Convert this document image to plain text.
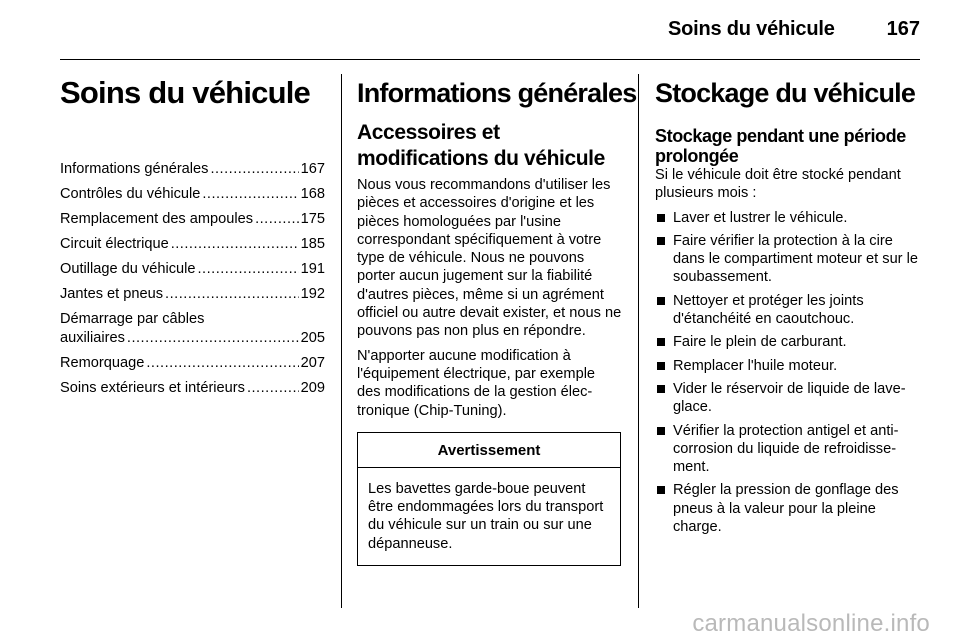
Soins du véhicule	167
Soins du véhicule
Informations générales .....	167
Contrôles du véhicule .....	168
Remplacement des ampoules .....	175
Circuit électrique .....	185
Outillage du véhicule .....	191
Jantes et pneus .....	192
Démarrage par câbles
auxiliaires .....	205
Remorquage .....	207
Soins extérieurs et intérieurs .....	209
Informations générales
Accessoires et modifications du véhicule

Nous vous recommandons d'utiliser les pièces et accessoires d'origine et les pièces homologuées par l'usine correspondant spécifiquement à votre type de véhicule. Nous ne pouvons porter aucun jugement sur la fiabilité d'autres pièces, même si un agrément officiel ou autre devait exister, et nous ne pouvons pas non plus en répondre.

N'apporter aucune modification à l'équipement électrique, par exemple des modifications de la gestion électronique (Chip-Tuning).

Avertissement
Les bavettes garde-boue peuvent être endommagées lors du transport du véhicule sur un train ou sur une dépanneuse.
Stockage du véhicule
Stockage pendant une période prolongée

Si le véhicule doit être stocké pendant plusieurs mois :

Laver et lustrer le véhicule.
Faire vérifier la protection à la cire dans le compartiment moteur et sur le soubassement.
Nettoyer et protéger les joints d'étanchéité en caoutchouc.
Faire le plein de carburant.
Remplacer l'huile moteur.
Vider le réservoir de liquide de laveglace.
Vérifier la protection antigel et anticorrosion du liquide de refroidissement.
Régler la pression de gonflage des pneus à la valeur pour la pleine charge.
carmanualsonline.info
